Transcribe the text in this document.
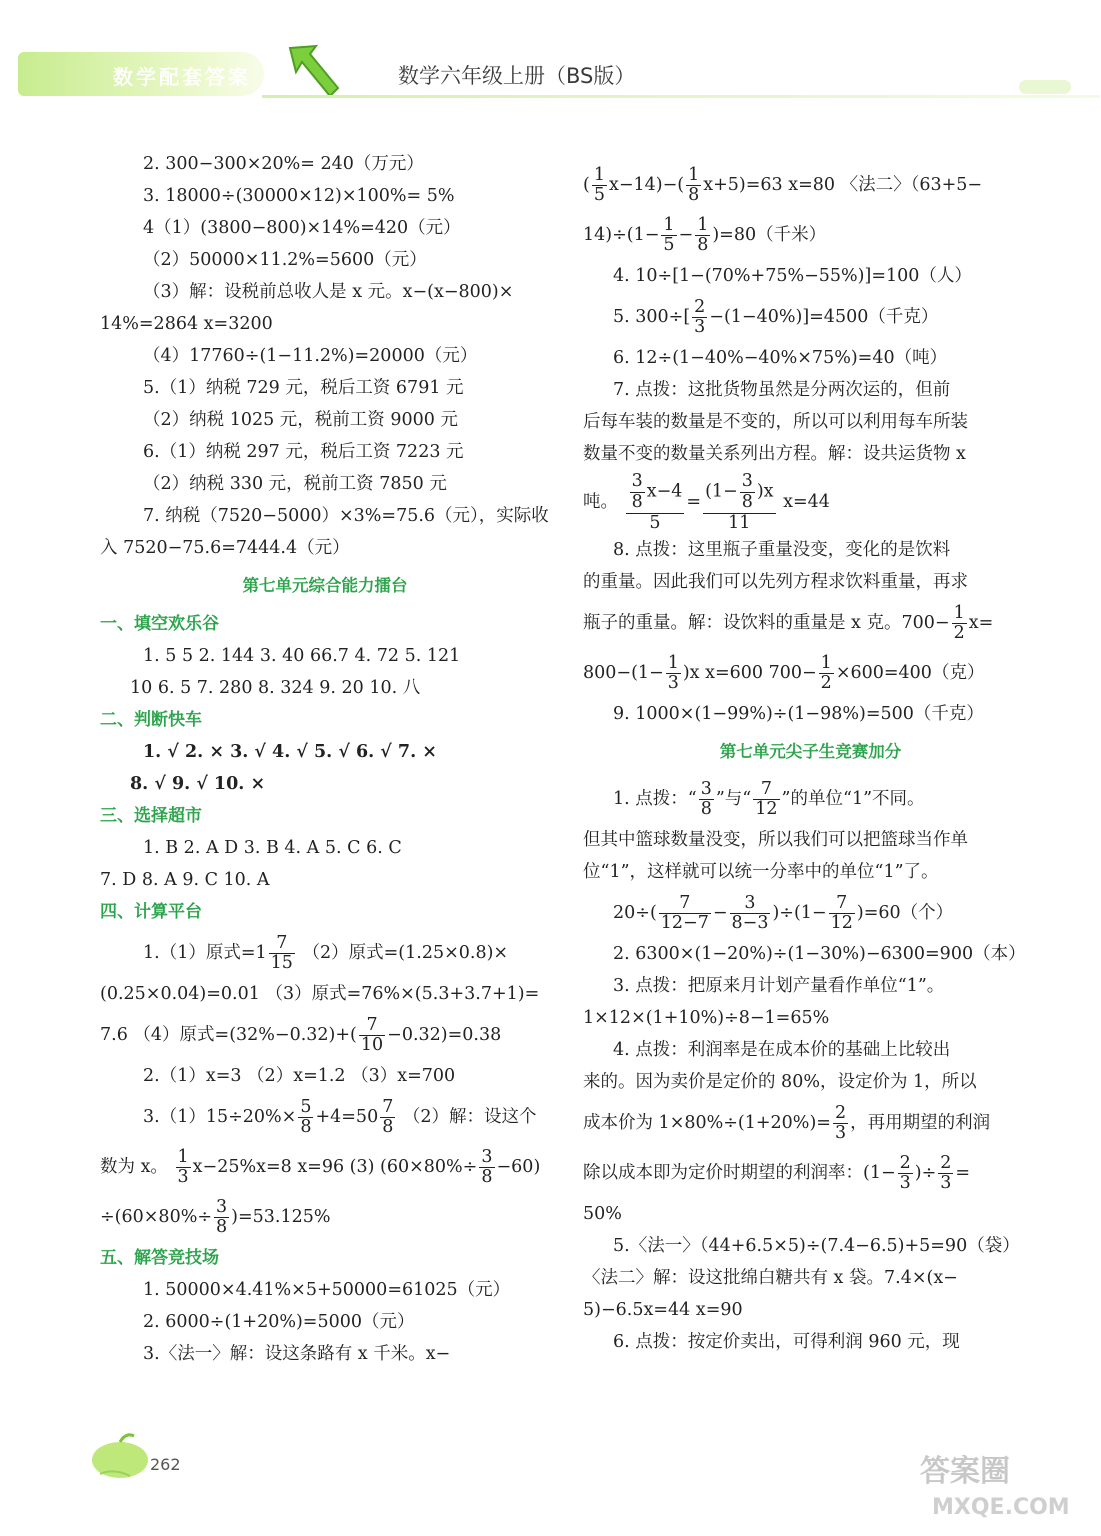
数学配套答案	数学六年级上册（BS版）
2. 300−300×20%= 240（万元）
3. 18000÷(30000×12)×100%= 5%
4（1）(3800−800)×14%=420（元）
（2）50000×11.2%=5600（元）
（3）解：设税前总收人是 x 元。x−(x−800)×
14%=2864 x=3200
（4）17760÷(1−11.2%)=20000（元）
5.（1）纳税 729 元，税后工资 6791 元
（2）纳税 1025 元，税前工资 9000 元
6.（1）纳税 297 元，税后工资 7223 元
（2）纳税 330 元，税前工资 7850 元
7. 纳税（7520−5000）×3%=75.6（元），实际收
入 7520−75.6=7444.4（元）
第七单元综合能力擂台
一、填空欢乐谷
1. 5 5 2. 144 3. 40 66.7 4. 72 5. 121
10 6. 5 7. 280 8. 324 9. 20 10. 八
二、判断快车
1. √ 2. × 3. √ 4. √ 5. √ 6. √ 7. ×
8. √ 9. √ 10. ×
三、选择超市
1. B 2. A D 3. B 4. A 5. C 6. C
7. D 8. A 9. C 10. A
四、计算平台
1.（1）原式$=1 \frac{7}{15} (2)$原式=(1.25×0.8)×
(0.25×0.04)=0.01 （3）原式=76%×(5.3+3.7+1)=
7.6 （4）原式$=(32\%-0.32)+( \frac{7}{10} -0.32)=0.38$
2.（1）x=3 （2）x=1.2 （3）x=700
$3.(1)15\div 20\%\times \frac{5}{8} +4=50 \frac{7}{8} (2)$解：设这个
数为 x。 $\frac{1}{3} x-25\%x=8$ x=96 (3) $(60\times 80\%\div \frac{3}{8} -60)$
$\div(60\times 80\%\div \frac{3}{8} )=53.125\%$
五、解答竞技场
1. 50000×4.41%×5+50000=61025（元）
2. 6000÷(1+20%)=5000（元）
3.〈法一〉解：设这条路有 x 千米。x−
( $\frac{1}{5} x-14)-( \frac{1}{8} x+5)=63$ x=80 〈法二〉（63+5−
$14)\div(1- \frac{1}{5} - \frac{1}{8} )=80$（千米）
4. 10÷[1−(70%+75%−55%)]=100（人）
5. $300\div[ \frac{2}{3} -(1-40\%)]=4500$（千克）
6. 12÷(1−40%−40%×75%)=40（吨）
7. 点拨：这批货物虽然是分两次运的，但前
后每车装的数量是不变的，所以可以利用每车所装
数量不变的数量关系列出方程。解：设共运货物 x
吨。 $\frac{\frac{3}{8} x-4}{5} = \frac{(1- \frac{3}{8} )x}{11} x=44$
8. 点拨：这里瓶子重量没变，变化的是饮料
的重量。因此我们可以先列方程求饮料重量，再求
瓶子的重量。解：设饮料的重量是 x 克。$700- \frac{1}{2} x=$
$800-(1- \frac{1}{3} )x$ x=600 $700- \frac{1}{2} \times 600=400$（克）
9. 1000×(1−99%)÷(1−98%)=500（千克）
第七单元尖子生竞赛加分
1. 点拨：“ $\frac{3}{8}$ ”与“ $\frac{7}{12}$ ”的单位“1”不同。
但其中篮球数量没变，所以我们可以把篮球当作单
位“1”，这样就可以统一分率中的单位“1”了。
$20\div( \frac{7}{12-7} - \frac{3}{8-3} )\div(1- \frac{7}{12} )=60$（个）
2. 6300×(1−20%)÷(1−30%)−6300=900（本）
3. 点拨：把原来月计划产量看作单位“1”。
1×12×(1+10%)÷8−1=65%
4. 点拨：利润率是在成本价的基础上比较出
来的。因为卖价是定价的 80%，设定价为 1，所以
成本价为 $1\times 80\%\div(1+20\%)= \frac{2}{3}$ ，再用期望的利润
除以成本即为定价时期望的利润率：($1- \frac{2}{3}$ )÷ $\frac{2}{3}$ =
50%
5.〈法一〉（44+6.5×5)÷(7.4−6.5)+5=90（袋）
〈法二〉解：设这批绵白糖共有 x 袋。7.4×(x−
5)−6.5x=44 x=90
6. 点拨：按定价卖出，可得利润 960 元，现
262	答案圈
MXQE.COM
